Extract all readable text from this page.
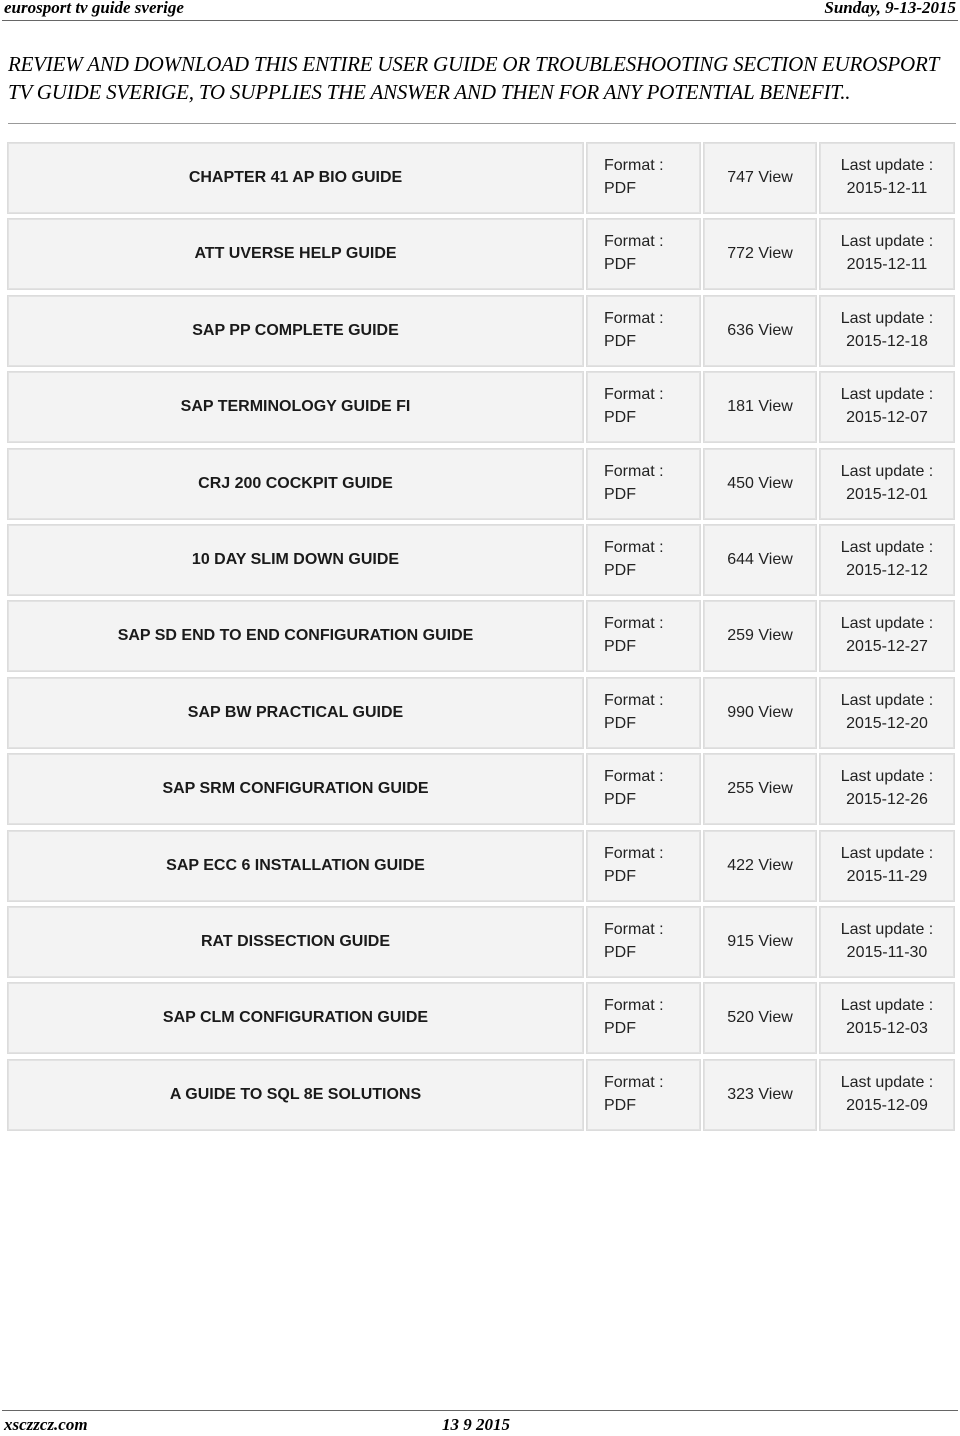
eurosport tv guide sverige	Sunday, 9-13-2015
REVIEW AND DOWNLOAD THIS ENTIRE USER GUIDE OR TROUBLESHOOTING SECTION EUROSPORT TV GUIDE SVERIGE, TO SUPPLIES THE ANSWER AND THEN FOR ANY POTENTIAL BENEFIT..
CHAPTER 41 AP BIO GUIDE
Format :
PDF
747 View
Last update :
2015-12-11
ATT UVERSE HELP GUIDE
Format :
PDF
772 View
Last update :
2015-12-11
SAP PP COMPLETE GUIDE
Format :
PDF
636 View
Last update :
2015-12-18
SAP TERMINOLOGY GUIDE FI
Format :
PDF
181 View
Last update :
2015-12-07
CRJ 200 COCKPIT GUIDE
Format :
PDF
450 View
Last update :
2015-12-01
10 DAY SLIM DOWN GUIDE
Format :
PDF
644 View
Last update :
2015-12-12
SAP SD END TO END CONFIGURATION GUIDE
Format :
PDF
259 View
Last update :
2015-12-27
SAP BW PRACTICAL GUIDE
Format :
PDF
990 View
Last update :
2015-12-20
SAP SRM CONFIGURATION GUIDE
Format :
PDF
255 View
Last update :
2015-12-26
SAP ECC 6 INSTALLATION GUIDE
Format :
PDF
422 View
Last update :
2015-11-29
RAT DISSECTION GUIDE
Format :
PDF
915 View
Last update :
2015-11-30
SAP CLM CONFIGURATION GUIDE
Format :
PDF
520 View
Last update :
2015-12-03
A GUIDE TO SQL 8E SOLUTIONS
Format :
PDF
323 View
Last update :
2015-12-09
xsczzcz.com	13 9 2015
